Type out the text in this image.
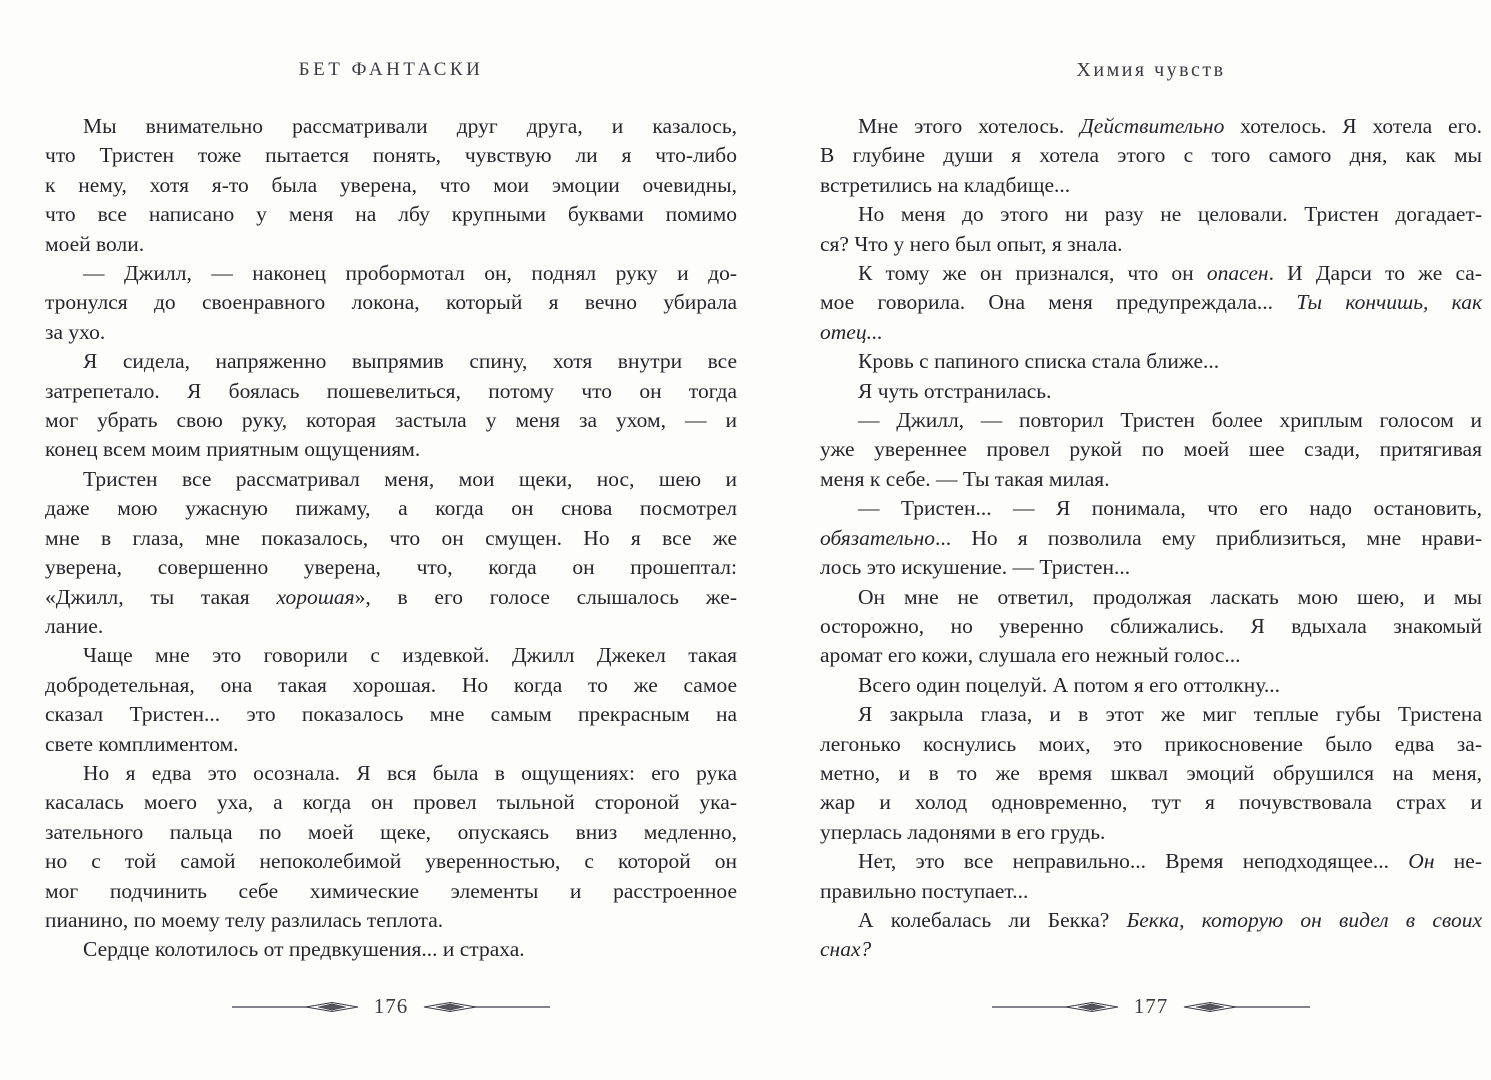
БЕТ ФАНТАСКИ
Мы внимательно рассматривали друг друга, и казалось,
что Тристен тоже пытается понять, чувствую ли я что-либо
к нему, хотя я-то была уверена, что мои эмоции очевидны,
что все написано у меня на лбу крупными буквами помимо
моей воли.
— Джилл, — наконец пробормотал он, поднял руку и до-
тронулся до своенравного локона, который я вечно убирала
за ухо.
Я сидела, напряженно выпрямив спину, хотя внутри все
затрепетало. Я боялась пошевелиться, потому что он тогда
мог убрать свою руку, которая застыла у меня за ухом, — и
конец всем моим приятным ощущениям.
Тристен все рассматривал меня, мои щеки, нос, шею и
даже мою ужасную пижаму, а когда он снова посмотрел
мне в глаза, мне показалось, что он смущен. Но я все же
уверена, совершенно уверена, что, когда он прошептал:
«Джилл, ты такая хорошая», в его голосе слышалось же-
лание.
Чаще мне это говорили с издевкой. Джилл Джекел такая
добродетельная, она такая хорошая. Но когда то же самое
сказал Тристен... это показалось мне самым прекрасным на
свете комплиментом.
Но я едва это осознала. Я вся была в ощущениях: его рука
касалась моего уха, а когда он провел тыльной стороной ука-
зательного пальца по моей щеке, опускаясь вниз медленно,
но с той самой непоколебимой уверенностью, с которой он
мог подчинить себе химические элементы и расстроенное
пианино, по моему телу разлилась теплота.
Сердце колотилось от предвкушения... и страха.
176
Химия чувств
Мне этого хотелось. Действительно хотелось. Я хотела его.
В глубине души я хотела этого с того самого дня, как мы
встретились на кладбище...
Но меня до этого ни разу не целовали. Тристен догадает-
ся? Что у него был опыт, я знала.
К тому же он признался, что он опасен. И Дарси то же са-
мое говорила. Она меня предупреждала... Ты кончишь, как
отец...
Кровь с папиного списка стала ближе...
Я чуть отстранилась.
— Джилл, — повторил Тристен более хриплым голосом и
уже увереннее провел рукой по моей шее сзади, притягивая
меня к себе. — Ты такая милая.
— Тристен... — Я понимала, что его надо остановить,
обязательно... Но я позволила ему приблизиться, мне нрави-
лось это искушение. — Тристен...
Он мне не ответил, продолжая ласкать мою шею, и мы
осторожно, но уверенно сближались. Я вдыхала знакомый
аромат его кожи, слушала его нежный голос...
Всего один поцелуй. А потом я его оттолкну...
Я закрыла глаза, и в этот же миг теплые губы Тристена
легонько коснулись моих, это прикосновение было едва за-
метно, и в то же время шквал эмоций обрушился на меня,
жар и холод одновременно, тут я почувствовала страх и
уперлась ладонями в его грудь.
Нет, это все неправильно... Время неподходящее... Он не-
правильно поступает...
А колебалась ли Бекка? Бекка, которую он видел в своих
снах?
177
